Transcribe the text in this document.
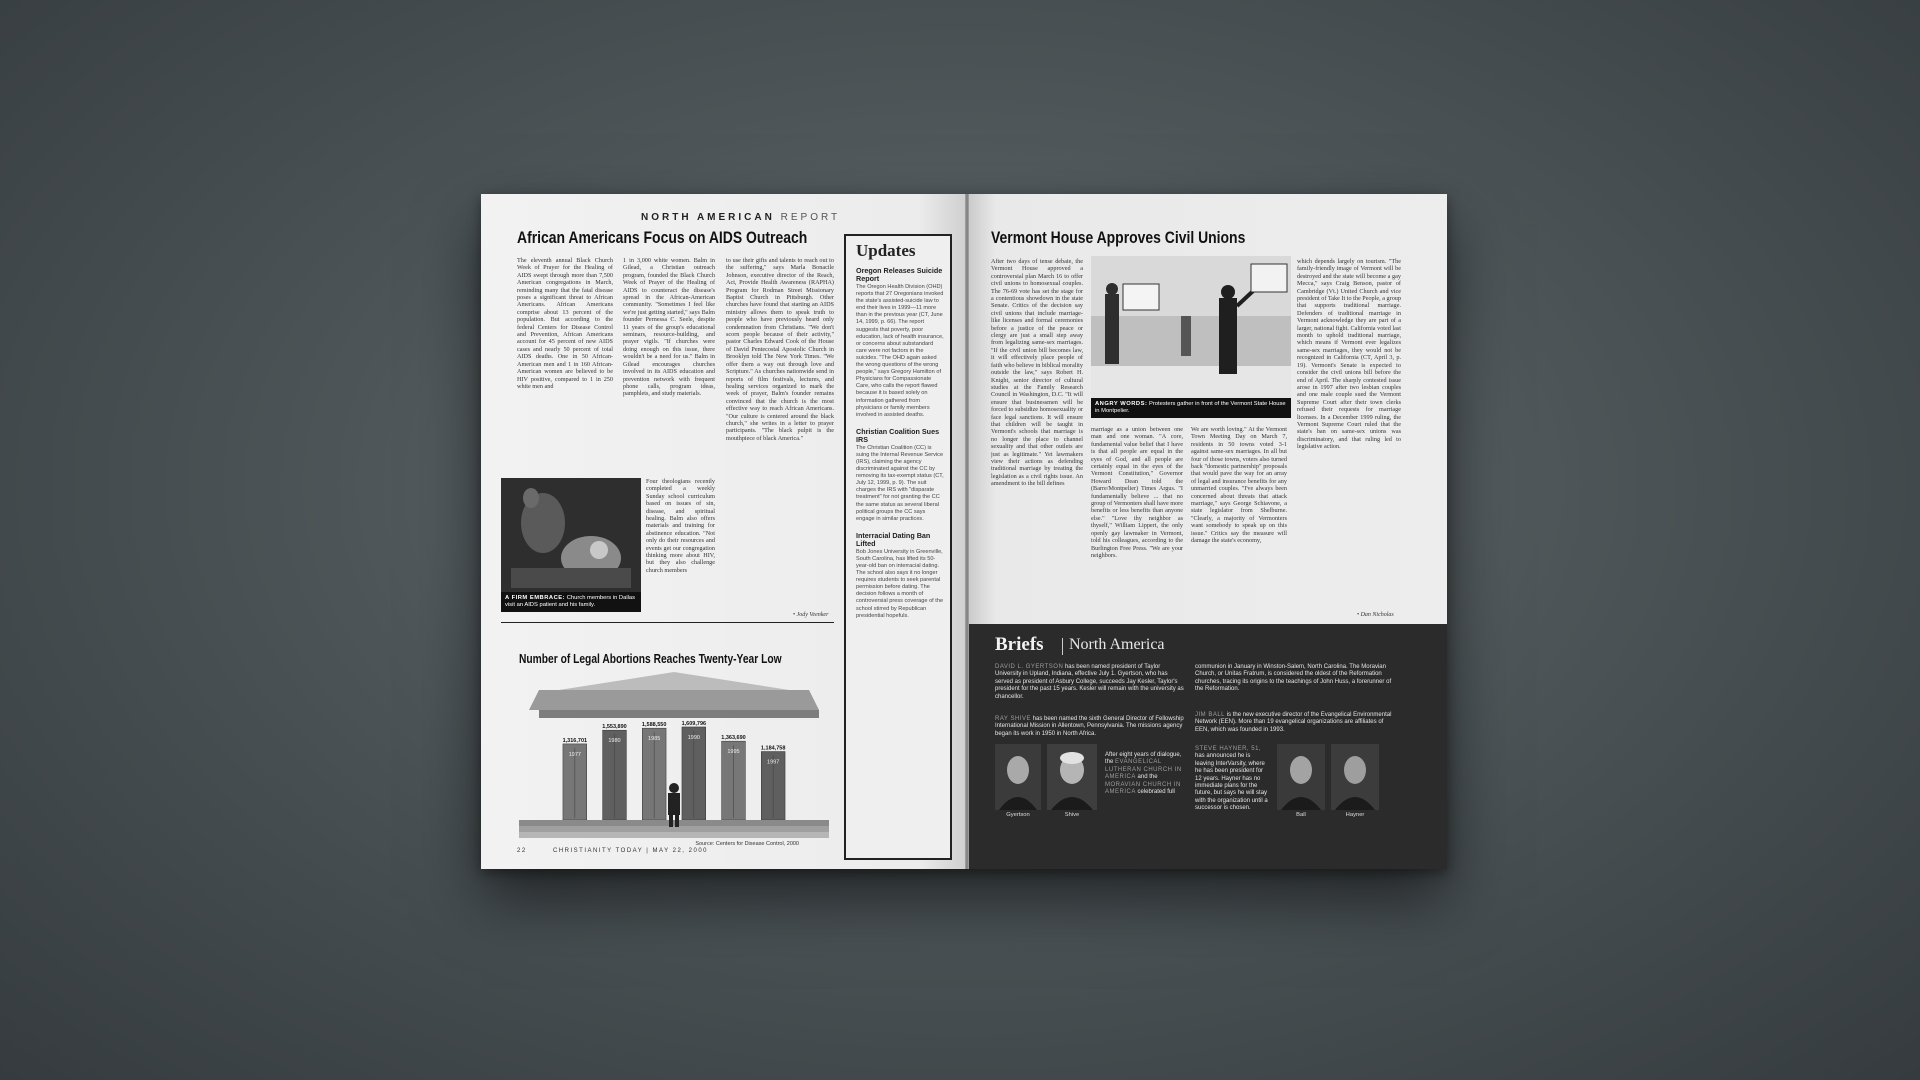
NORTH AMERICAN REPORT
African Americans Focus on AIDS Outreach
The eleventh annual Black Church Week of Prayer for the Healing of AIDS swept through more than 7,500 American congregations in March, reminding many that the fatal disease poses a significant threat to African Americans. African Americans comprise about 13 percent of the population. But according to the federal Centers for Disease Control and Prevention, African Americans account for 45 percent of new AIDS cases and nearly 50 percent of total AIDS deaths. One in 50 African-American men and 1 in 160 African-American women are believed to be HIV positive, compared to 1 in 250 white men and
1 in 3,000 white women. Balm in Gilead, a Christian outreach program, founded the Black Church Week of Prayer of the Healing of AIDS to counteract the disease's spread in the African-American community. "Sometimes I feel like we're just getting started," says Balm founder Pernessa C. Seele, despite 11 years of the group's educational seminars, resource-building, and prayer vigils. "If churches were doing enough on this issue, there wouldn't be a need for us." Balm in Gilead encourages churches involved in its AIDS education and prevention network with frequent phone calls, program ideas, pamphlets, and study materials.
Four theologians recently completed a weekly Sunday school curriculum based on issues of sin, disease, and spiritual healing. Balm also offers materials and training for abstinence education. "Not only do their resources and events get our congregation thinking more about HIV, but they also challenge church members
to use their gifts and talents to reach out to the suffering," says Marla Bonacile Johnson, executive director of the Reach, Act, Provide Health Awareness (RAPHA) Program for Rodman Street Missionary Baptist Church in Pittsburgh. Other churches have found that starting an AIDS ministry allows them to speak truth to people who have previously heard only condemnation from Christians. "We don't scorn people because of their activity," pastor Charles Edward Cook of the House of David Pentecostal Apostolic Church in Brooklyn told The New York Times. "We offer them a way out through love and Scripture." As churches nationwide send in reports of film festivals, lectures, and healing services organized to mark the week of prayer, Balm's founder remains convinced that the church is the most effective way to reach African Americans. "Our culture is centered around the black church," she writes in a letter to prayer participants. "The black pulpit is the mouthpiece of black America."
• Jody Veenker
A FIRM EMBRACE: Church members in Dallas visit an AIDS patient and his family.
Number of Legal Abortions Reaches Twenty-Year Low
1,316,701
1977
1,553,890
1980
1,588,550
1985
1,609,796
1990	1,363,690
1995
1,184,758
1997
Source: Centers for Disease Control, 2000
Updates
Oregon Releases Suicide Report
The Oregon Health Division (OHD) reports that 27 Oregonians invoked the state's assisted-suicide law to end their lives in 1999—11 more than in the previous year (CT, June 14, 1999, p. 66). The report suggests that poverty, poor education, lack of health insurance, or concerns about substandard care were not factors in the suicides. "The OHD again asked the wrong questions of the wrong people," says Gregory Hamilton of Physicians for Compassionate Care, who calls the report flawed because it is based solely on information gathered from physicians or family members involved in assisted deaths.
Christian Coalition Sues IRS
The Christian Coalition (CC) is suing the Internal Revenue Service (IRS), claiming the agency discriminated against the CC by removing its tax-exempt status (CT, July 12, 1999, p. 9). The suit charges the IRS with "disparate treatment" for not granting the CC the same status as several liberal political groups the CC says engage in similar practices.
Interracial Dating Ban Lifted
Bob Jones University in Greenville, South Carolina, has lifted its 50-year-old ban on interracial dating. The school also says it no longer requires students to seek parental permission before dating. The decision follows a month of controversial press coverage of the school stirred by Republican presidential hopefuls.
22	CHRISTIANITY TODAY | MAY 22, 2000
Vermont House Approves Civil Unions
After two days of tense debate, the Vermont House approved a controversial plan March 16 to offer civil unions to homosexual couples. The 76-69 vote has set the stage for a contentious showdown in the state Senate. Critics of the decision say civil unions that include marriage-like licenses and formal ceremonies before a justice of the peace or clergy are just a small step away from legalizing same-sex marriages. "If the civil union bill becomes law, it will effectively place people of faith who believe in biblical morality outside the law," says Robert H. Knight, senior director of cultural studies at the Family Research Council in Washington, D.C. "It will ensure that businessmen will be forced to subsidize homosexuality or face legal sanctions. It will ensure that children will be taught in Vermont's schools that marriage is no longer the place to channel sexuality and that other outlets are just as legitimate." Yet lawmakers view their actions as defending traditional marriage by treating the legislation as a civil rights issue. An amendment to the bill defines
ANGRY WORDS: Protesters gather in front of the Vermont State House in Montpelier.
marriage as a union between one man and one woman. "A core, fundamental value belief that I have is that all people are equal in the eyes of God, and all people are certainly equal in the eyes of the Vermont Constitution," Governor Howard Dean told the (Barre/Montpelier) Times Argus. "I fundamentally believe ... that no group of Vermonters shall have more benefits or less benefits than anyone else." "Love thy neighbor as thyself," William Lippert, the only openly gay lawmaker in Vermont, told his colleagues, according to the Burlington Free Press. "We are your neighbors.
We are worth loving." At the Vermont Town Meeting Day on March 7, residents in 50 towns voted 3-1 against same-sex marriages. In all but four of those towns, voters also turned back "domestic partnership" proposals that would pave the way for an array of legal and insurance benefits for any unmarried couples. "I've always been concerned about threats that attack marriage," says George Schiavone, a state legislator from Shelburne. "Clearly, a majority of Vermonters want somebody to speak up on this issue." Critics say the measure will damage the state's economy,
which depends largely on tourism. "The family-friendly image of Vermont will be destroyed and the state will become a gay Mecca," says Craig Benson, pastor of Cambridge (Vt.) United Church and vice president of Take It to the People, a group that supports traditional marriage. Defenders of traditional marriage in Vermont acknowledge they are part of a larger, national fight. California voted last month to uphold traditional marriage, which means if Vermont ever legalizes same-sex marriages, they would not be recognized in California (CT, April 3, p. 19). Vermont's Senate is expected to consider the civil unions bill before the end of April. The sharply contested issue arose in 1997 after two lesbian couples and one male couple sued the Vermont Supreme Court after their town clerks refused their requests for marriage licenses. In a December 1999 ruling, the Vermont Supreme Court ruled that the state's ban on same-sex unions was discriminatory, and that ruling led to legislative action.
• Dan Nicholas
Briefs North America
DAVID L. GYERTSON has been named president of Taylor University in Upland, Indiana, effective July 1. Gyertson, who has served as president of Asbury College, succeeds Jay Kesler, Taylor's president for the past 15 years. Kesler will remain with the university as chancellor.
RAY SHIVE has been named the sixth General Director of Fellowship International Mission in Allentown, Pennsylvania. The missions agency began its work in 1950 in North Africa.
After eight years of dialogue, the EVANGELICAL LUTHERAN CHURCH IN AMERICA and the MORAVIAN CHURCH IN AMERICA celebrated full
communion in January in Winston-Salem, North Carolina. The Moravian Church, or Unitas Fratrum, is considered the oldest of the Reformation churches, tracing its origins to the teachings of John Huss, a forerunner of the Reformation.
JIM BALL is the new executive director of the Evangelical Environmental Network (EEN). More than 19 evangelical organizations are affiliates of EEN, which was founded in 1993.
STEVE HAYNER, 51, has announced he is leaving InterVarsity, where he has been president for 12 years. Hayner has no immediate plans for the future, but says he will stay with the organization until a successor is chosen.
Gyertson	Shive	Ball	Hayner
